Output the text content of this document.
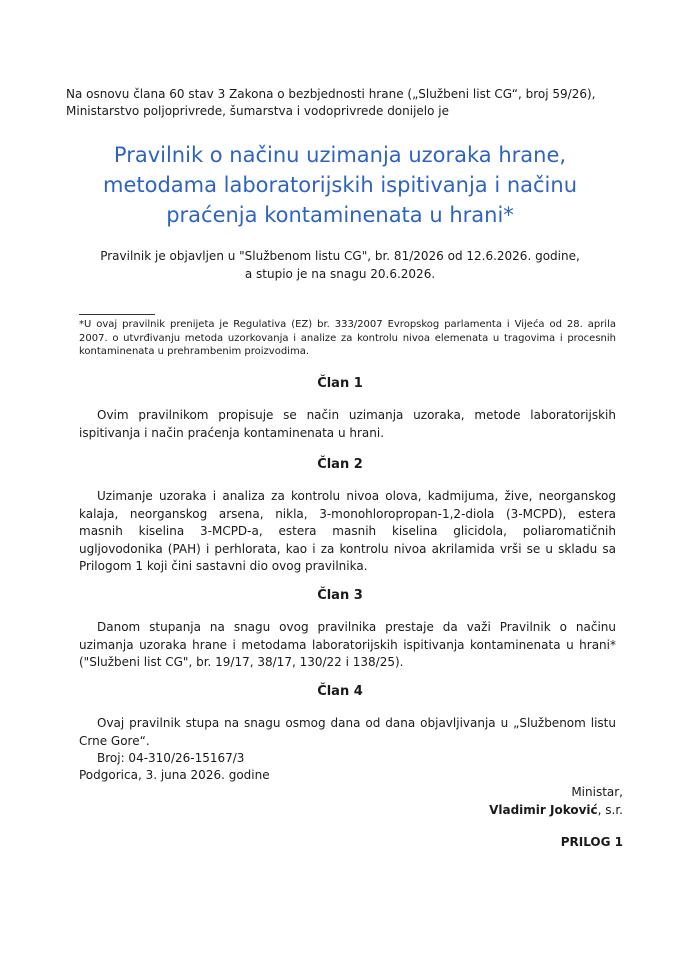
Na osnovu člana 60 stav 3 Zakona o bezbjednosti hrane („Službeni list CG“, broj 59/26),
Ministarstvo poljoprivrede, šumarstva i vodoprivrede donijelo je
Pravilnik o načinu uzimanja uzoraka hrane,
metodama laboratorijskih ispitivanja i načinu
praćenja kontaminenata u hrani*
Pravilnik je objavljen u "Službenom listu CG", br. 81/2026 od 12.6.2026. godine,
a stupio je na snagu 20.6.2026.
*U ovaj pravilnik prenijeta je Regulativa (EZ) br. 333/2007 Evropskog parlamenta i Vijeća od 28. aprila 2007. o utvrđivanju metoda uzorkovanja i analize za kontrolu nivoa elemenata u tragovima i procesnih kontaminenata u prehrambenim proizvodima.
Član 1
Ovim pravilnikom propisuje se način uzimanja uzoraka, metode laboratorijskih ispitivanja i način praćenja kontaminenata u hrani.
Član 2
Uzimanje uzoraka i analiza za kontrolu nivoa olova, kadmijuma, žive, neorganskog kalaja, neorganskog arsena, nikla, 3-monohloropropan-1,2-diola (3-MCPD), estera masnih kiselina 3-MCPD-a, estera masnih kiselina glicidola, poliaromatičnih ugljovodonika (PAH) i perhlorata, kao i za kontrolu nivoa akrilamida vrši se u skladu sa Prilogom 1 koji čini sastavni dio ovog pravilnika.
Član 3
Danom stupanja na snagu ovog pravilnika prestaje da važi Pravilnik o načinu uzimanja uzoraka hrane i metodama laboratorijskih ispitivanja kontaminenata u hrani* ("Službeni list CG", br. 19/17, 38/17, 130/22 i 138/25).
Član 4
Ovaj pravilnik stupa na snagu osmog dana od dana objavljivanja u „Službenom listu Crne Gore“.
Broj: 04-310/26-15167/3
Podgorica, 3. juna 2026. godine
Ministar,
Vladimir Joković, s.r.
PRILOG 1
